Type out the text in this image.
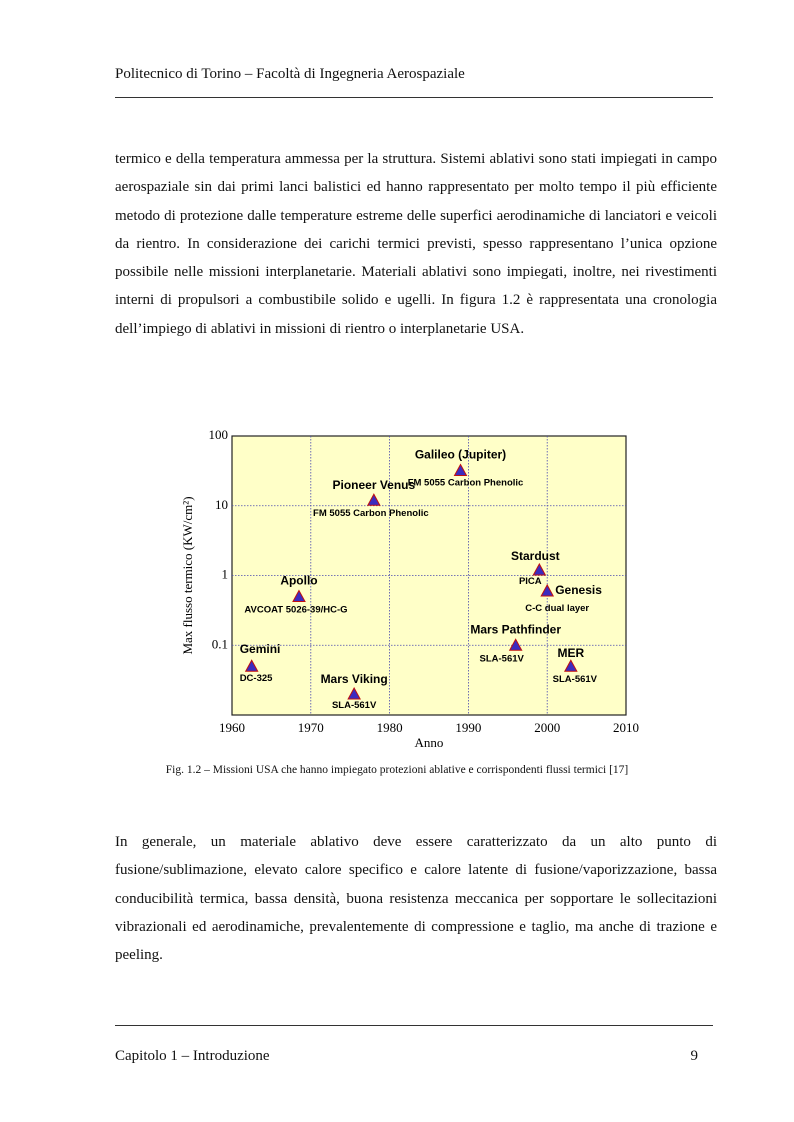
Politecnico di Torino – Facoltà di Ingegneria Aerospaziale

termico e della temperatura ammessa per la struttura. Sistemi ablativi sono stati impiegati in campo aerospaziale sin dai primi lanci balistici ed hanno rappresentato per molto tempo il più efficiente metodo di protezione dalle temperature estreme delle superfici aerodinamiche di lanciatori e veicoli da rientro. In considerazione dei carichi termici previsti, spesso rappresentano l’unica opzione possibile nelle missioni interplanetarie. Materiali ablativi sono impiegati, inoltre, nei rivestimenti interni di propulsori a combustibile solido e ugelli. In figura 1.2 è rappresentata una cronologia dell’impiego di ablativi in missioni di rientro o interplanetarie USA.

1960	1970	1980	1990	2000	2010
100
10
1
0.1
Anno
Max flusso termico (KW/cm²)	Gemini
DC-325
Apollo
AVCOAT 5026-39/HC-G
Mars Viking
SLA-561V
Pioneer Venus
FM 5055 Carbon Phenolic
Galileo (Jupiter)
FM 5055 Carbon Phenolic
Mars Pathfinder
SLA-561V
Stardust
PICA
Genesis
C-C dual layer
MER
SLA-561V
Fig. 1.2 – Missioni USA che hanno impiegato protezioni ablative e corrispondenti flussi termici [17]

In generale, un materiale ablativo deve essere caratterizzato da un alto punto di fusione/sublimazione, elevato calore specifico e calore latente di fusione/vaporizzazione, bassa conducibilità termica, bassa densità, buona resistenza meccanica per sopportare le sollecitazioni vibrazionali ed aerodinamiche, prevalentemente di compressione e taglio, ma anche di trazione e peeling.

Capitolo 1 – Introduzione	9
